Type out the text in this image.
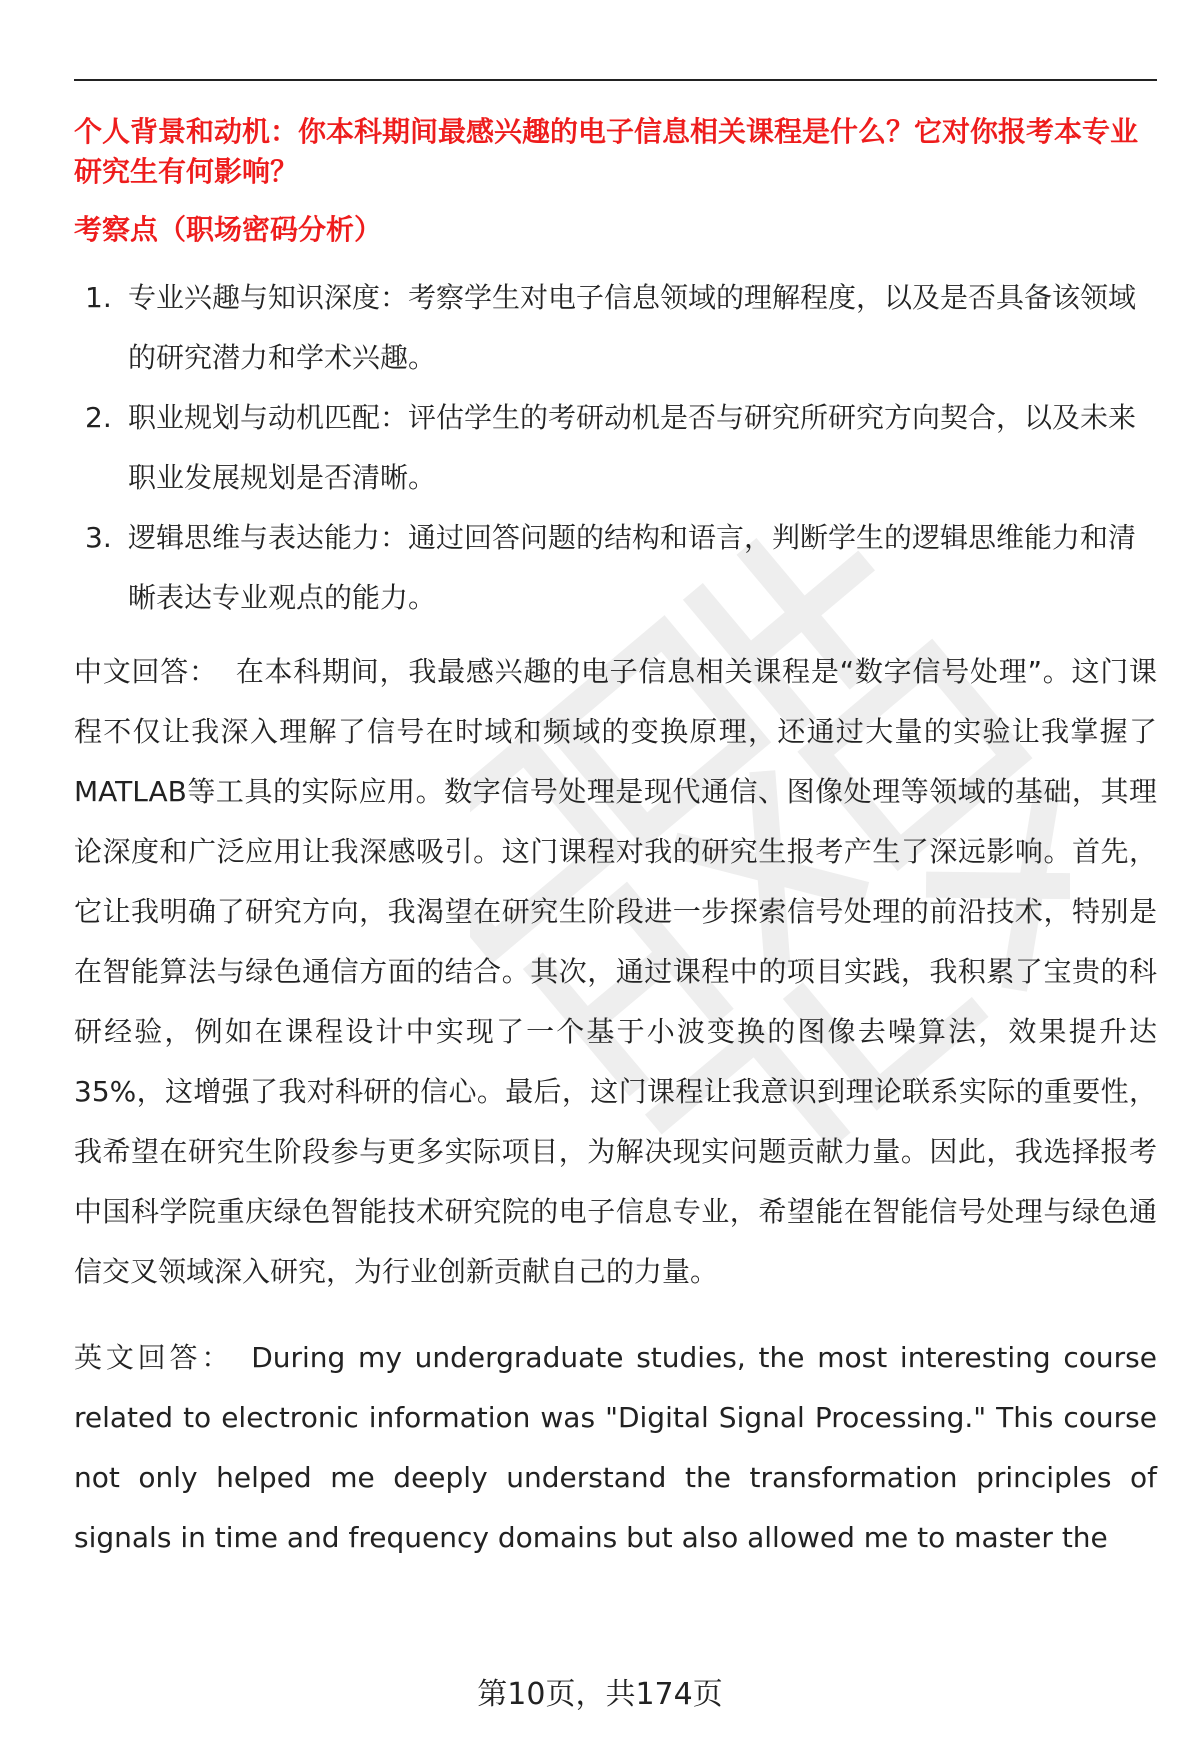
个人背景和动机：你本科期间最感兴趣的电子信息相关课程是什么？它对你报考本专业研究生有何影响？

考察点（职场密码分析）

1. 专业兴趣与知识深度：考察学生对电子信息领域的理解程度，以及是否具备该领域的研究潜力和学术兴趣。
2. 职业规划与动机匹配：评估学生的考研动机是否与研究所研究方向契合，以及未来职业发展规划是否清晰。
3. 逻辑思维与表达能力：通过回答问题的结构和语言，判断学生的逻辑思维能力和清晰表达专业观点的能力。

中文回答： 在本科期间，我最感兴趣的电子信息相关课程是“数字信号处理”。这门课程不仅让我深入理解了信号在时域和频域的变换原理，还通过大量的实验让我掌握了MATLAB等工具的实际应用。数字信号处理是现代通信、图像处理等领域的基础，其理论深度和广泛应用让我深感吸引。这门课程对我的研究生报考产生了深远影响。首先，它让我明确了研究方向，我渴望在研究生阶段进一步探索信号处理的前沿技术，特别是在智能算法与绿色通信方面的结合。其次，通过课程中的项目实践，我积累了宝贵的科研经验，例如在课程设计中实现了一个基于小波变换的图像去噪算法，效果提升达35%，这增强了我对科研的信心。最后，这门课程让我意识到理论联系实际的重要性，我希望在研究生阶段参与更多实际项目，为解决现实问题贡献力量。因此，我选择报考中国科学院重庆绿色智能技术研究院的电子信息专业，希望能在智能信号处理与绿色通信交叉领域深入研究，为行业创新贡献自己的力量。

英文回答： During my undergraduate studies, the most interesting course related to electronic information was "Digital Signal Processing." This course not only helped me deeply understand the transformation principles of signals in time and frequency domains but also allowed me to master the

第10页，共174页
